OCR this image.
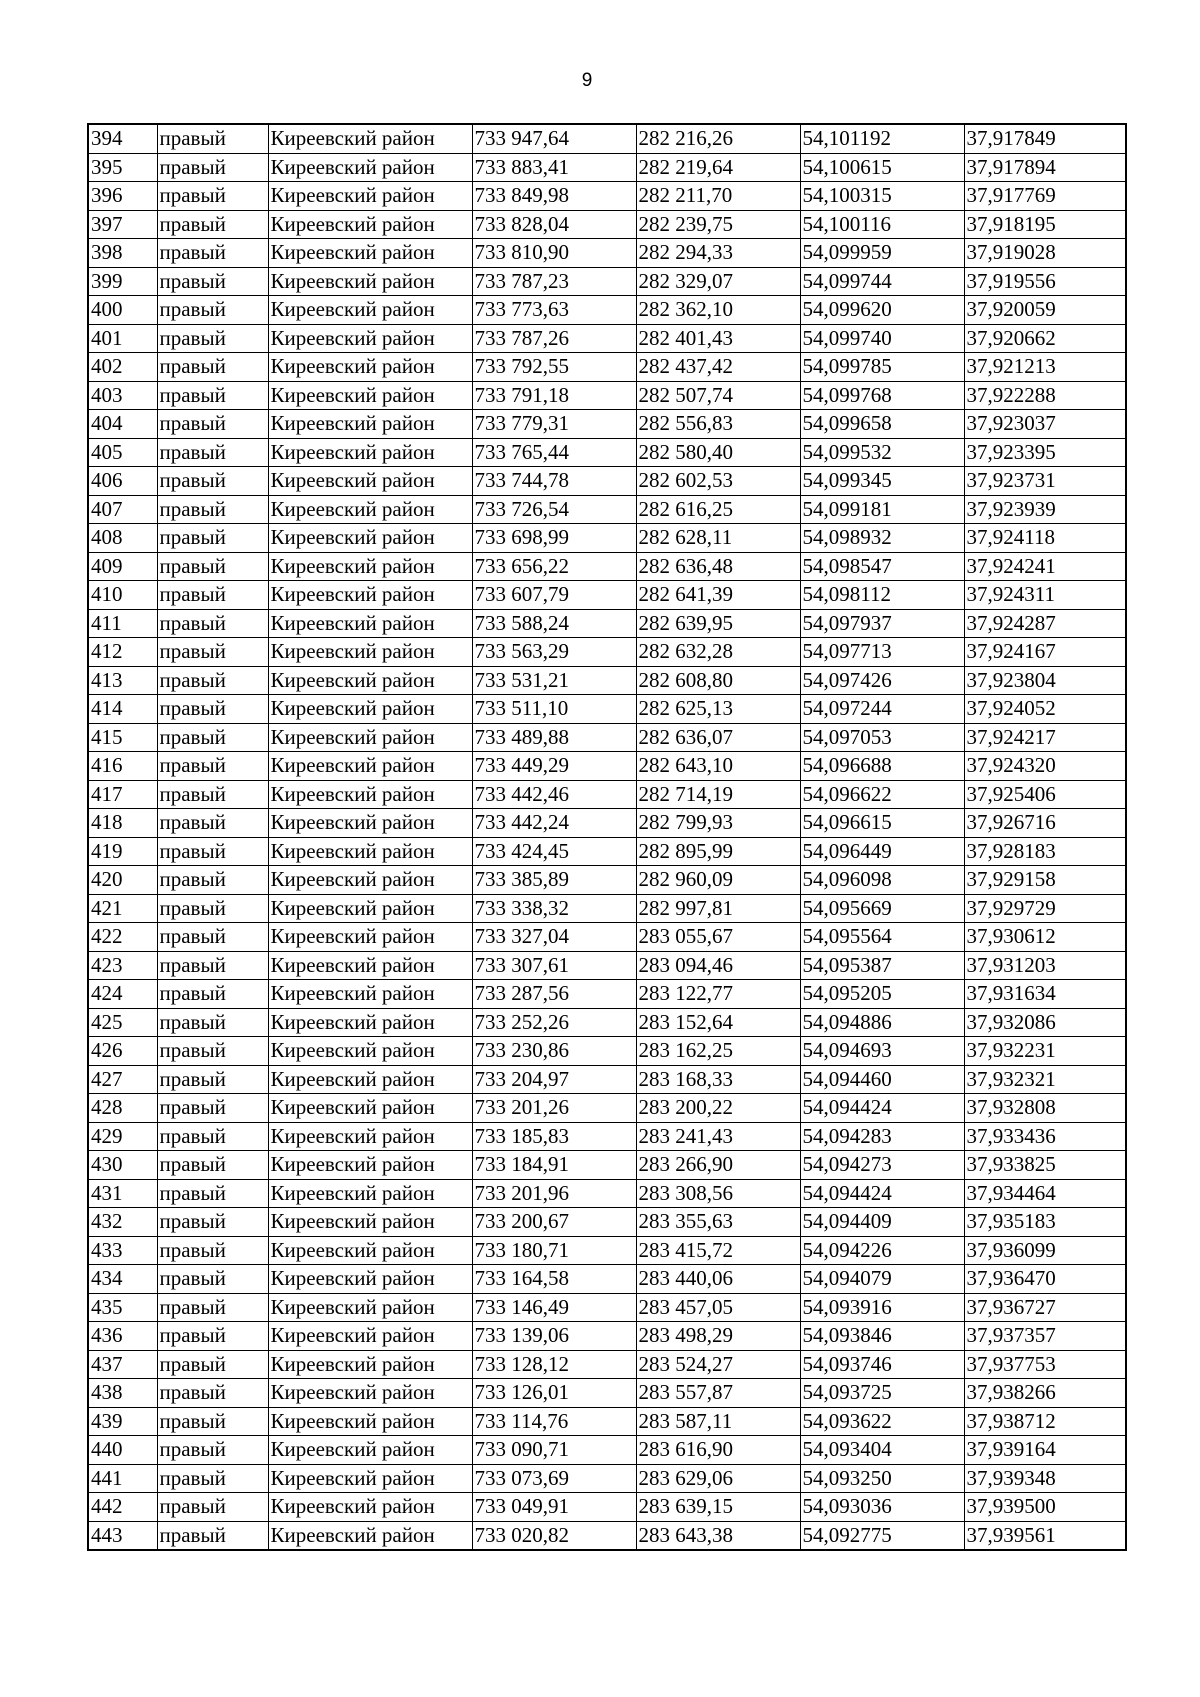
9
394	правый	Киреевский район	733 947,64	282 216,26	54,101192	37,917849
395	правый	Киреевский район	733 883,41	282 219,64	54,100615	37,917894
396	правый	Киреевский район	733 849,98	282 211,70	54,100315	37,917769
397	правый	Киреевский район	733 828,04	282 239,75	54,100116	37,918195
398	правый	Киреевский район	733 810,90	282 294,33	54,099959	37,919028
399	правый	Киреевский район	733 787,23	282 329,07	54,099744	37,919556
400	правый	Киреевский район	733 773,63	282 362,10	54,099620	37,920059
401	правый	Киреевский район	733 787,26	282 401,43	54,099740	37,920662
402	правый	Киреевский район	733 792,55	282 437,42	54,099785	37,921213
403	правый	Киреевский район	733 791,18	282 507,74	54,099768	37,922288
404	правый	Киреевский район	733 779,31	282 556,83	54,099658	37,923037
405	правый	Киреевский район	733 765,44	282 580,40	54,099532	37,923395
406	правый	Киреевский район	733 744,78	282 602,53	54,099345	37,923731
407	правый	Киреевский район	733 726,54	282 616,25	54,099181	37,923939
408	правый	Киреевский район	733 698,99	282 628,11	54,098932	37,924118
409	правый	Киреевский район	733 656,22	282 636,48	54,098547	37,924241
410	правый	Киреевский район	733 607,79	282 641,39	54,098112	37,924311
411	правый	Киреевский район	733 588,24	282 639,95	54,097937	37,924287
412	правый	Киреевский район	733 563,29	282 632,28	54,097713	37,924167
413	правый	Киреевский район	733 531,21	282 608,80	54,097426	37,923804
414	правый	Киреевский район	733 511,10	282 625,13	54,097244	37,924052
415	правый	Киреевский район	733 489,88	282 636,07	54,097053	37,924217
416	правый	Киреевский район	733 449,29	282 643,10	54,096688	37,924320
417	правый	Киреевский район	733 442,46	282 714,19	54,096622	37,925406
418	правый	Киреевский район	733 442,24	282 799,93	54,096615	37,926716
419	правый	Киреевский район	733 424,45	282 895,99	54,096449	37,928183
420	правый	Киреевский район	733 385,89	282 960,09	54,096098	37,929158
421	правый	Киреевский район	733 338,32	282 997,81	54,095669	37,929729
422	правый	Киреевский район	733 327,04	283 055,67	54,095564	37,930612
423	правый	Киреевский район	733 307,61	283 094,46	54,095387	37,931203
424	правый	Киреевский район	733 287,56	283 122,77	54,095205	37,931634
425	правый	Киреевский район	733 252,26	283 152,64	54,094886	37,932086
426	правый	Киреевский район	733 230,86	283 162,25	54,094693	37,932231
427	правый	Киреевский район	733 204,97	283 168,33	54,094460	37,932321
428	правый	Киреевский район	733 201,26	283 200,22	54,094424	37,932808
429	правый	Киреевский район	733 185,83	283 241,43	54,094283	37,933436
430	правый	Киреевский район	733 184,91	283 266,90	54,094273	37,933825
431	правый	Киреевский район	733 201,96	283 308,56	54,094424	37,934464
432	правый	Киреевский район	733 200,67	283 355,63	54,094409	37,935183
433	правый	Киреевский район	733 180,71	283 415,72	54,094226	37,936099
434	правый	Киреевский район	733 164,58	283 440,06	54,094079	37,936470
435	правый	Киреевский район	733 146,49	283 457,05	54,093916	37,936727
436	правый	Киреевский район	733 139,06	283 498,29	54,093846	37,937357
437	правый	Киреевский район	733 128,12	283 524,27	54,093746	37,937753
438	правый	Киреевский район	733 126,01	283 557,87	54,093725	37,938266
439	правый	Киреевский район	733 114,76	283 587,11	54,093622	37,938712
440	правый	Киреевский район	733 090,71	283 616,90	54,093404	37,939164
441	правый	Киреевский район	733 073,69	283 629,06	54,093250	37,939348
442	правый	Киреевский район	733 049,91	283 639,15	54,093036	37,939500
443	правый	Киреевский район	733 020,82	283 643,38	54,092775	37,939561
